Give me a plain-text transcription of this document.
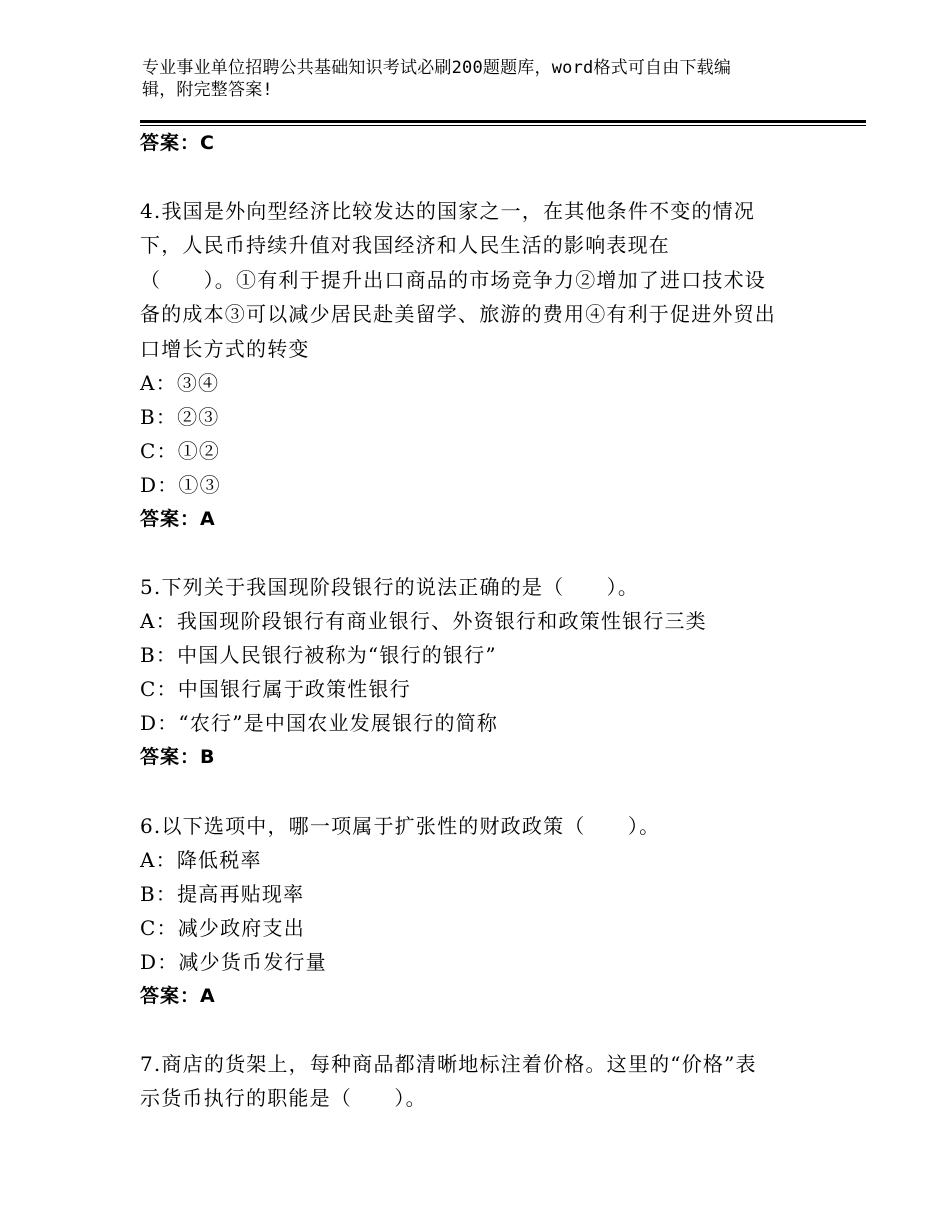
专业事业单位招聘公共基础知识考试必刷200题题库，word格式可自由下载编
辑，附完整答案!
答案：C
4.我国是外向型经济比较发达的国家之一，在其他条件不变的情况
下，人民币持续升值对我国经济和人民生活的影响表现在
（　　）。①有利于提升出口商品的市场竞争力②增加了进口技术设
备的成本③可以减少居民赴美留学、旅游的费用④有利于促进外贸出
口增长方式的转变
A：③④
B：②③
C：①②
D：①③
答案：A
5.下列关于我国现阶段银行的说法正确的是（　　）。
A：我国现阶段银行有商业银行、外资银行和政策性银行三类
B：中国人民银行被称为“银行的银行”
C：中国银行属于政策性银行
D：“农行”是中国农业发展银行的简称
答案：B
6.以下选项中，哪一项属于扩张性的财政政策（　　）。
A：降低税率
B：提高再贴现率
C：减少政府支出
D：减少货币发行量
答案：A
7.商店的货架上，每种商品都清晰地标注着价格。这里的“价格”表
示货币执行的职能是（　　）。
